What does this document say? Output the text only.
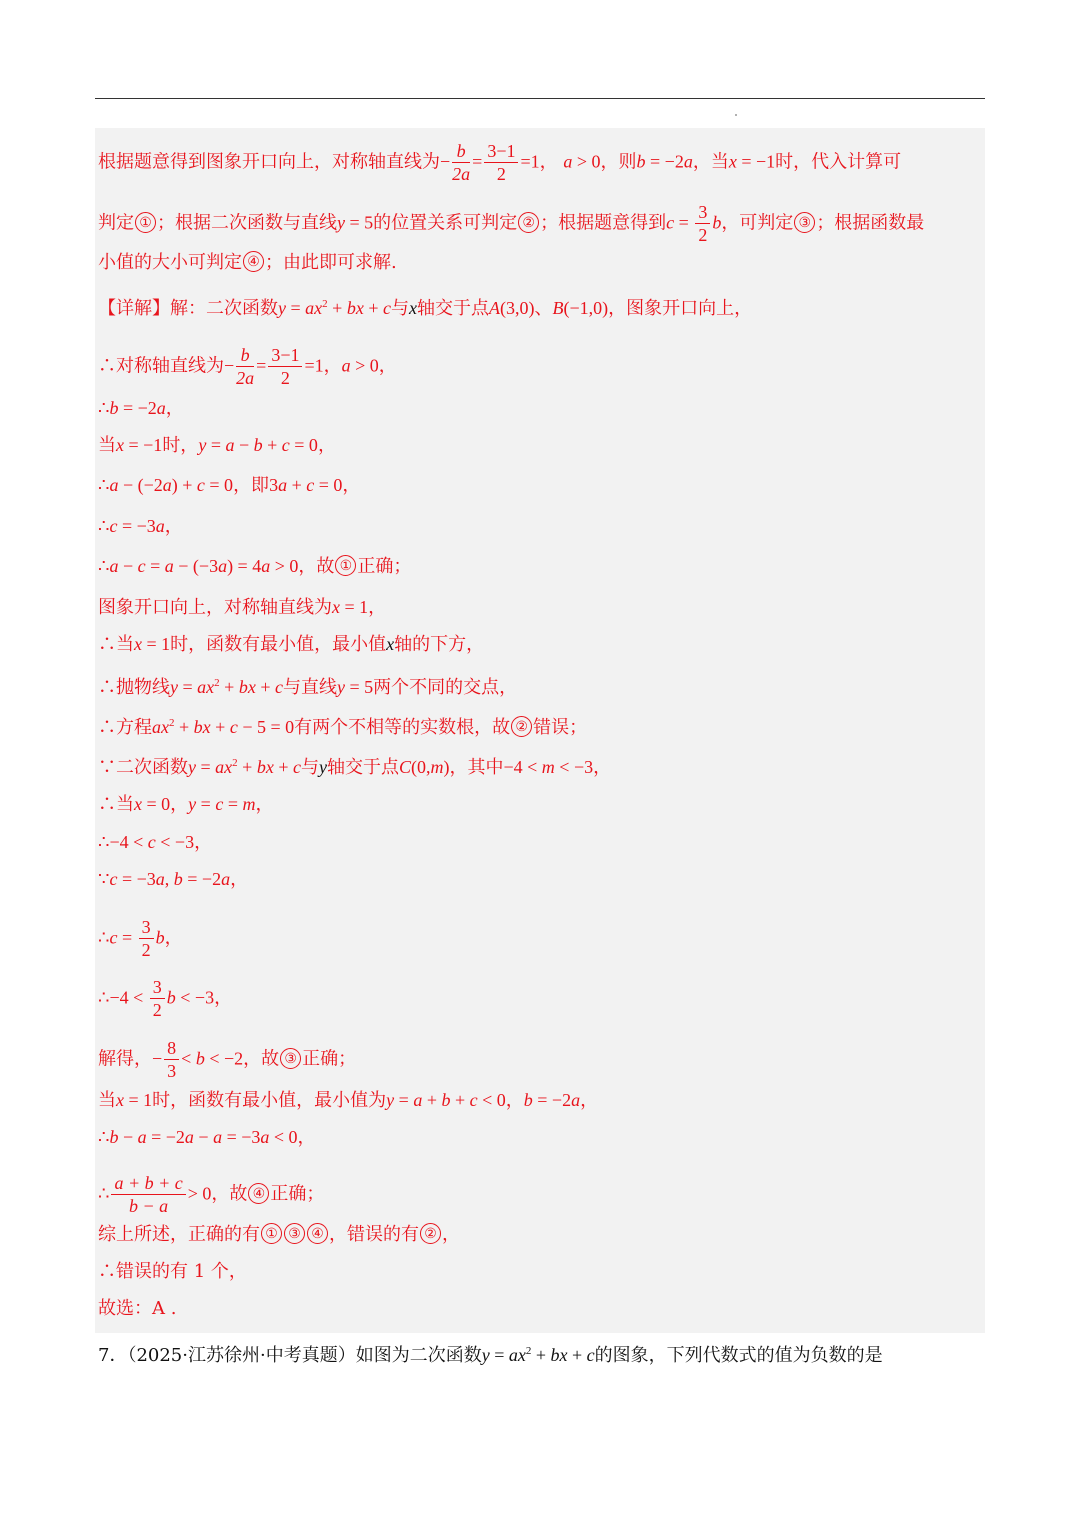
根据题意得到图象开口向上，对称轴直线为− $\frac{b}{2a} = \frac{3-1}{2} =1$， a > 0，则b = −2a，当x = −1时，代入计算可
判定 ① ；根据二次函数与直线y = 5的位置关系可判定 ② ；根据题意得到$c = \frac{3}{2}$ b，可判定 ③ ；根据函数最
小值的大小可判定 ④ ；由此即可求解.
【详解】解：二次函数$y = ax^2$ + bx + c与x轴交于点A(3,0)、B(−1,0)，图象开口向上，
∴对称轴直线为− $\frac{b}{2a} = \frac{3-1}{2} =1$，a > 0，
∴b = −2a，
当x = −1时，y = a − b + c = 0，
∴a − (−2a) + c = 0，即3a + c = 0，
∴c = −3a，
∴a − c = a − (−3a) = 4a > 0，故 ① 正确；
图象开口向上，对称轴直线为x = 1，
∴当x = 1时，函数有最小值，最小值x轴的下方，
∴抛物线$y = ax^2$ + bx + c与直线y = 5两个不同的交点，
∴方程$ax^2$ + bx + c − 5 = 0有两个不相等的实数根，故 ② 错误；
∵二次函数$y = ax^2$ + bx + c与y轴交于点C(0,m)，其中−4 < m < −3，
∴当x = 0，y = c = m，
∴−4 < c < −3，
∵c = −3a, b = −2a，
∴c = $\frac{3}{2}$ b，
∴−4 < $\frac{3}{2}$ b < −3，
解得，− $\frac{8}{3} < b < -2$，故 ③ 正确；
当x = 1时，函数有最小值，最小值为y = a + b + c < 0，b = −2a，
∴b − a = −2a − a = −3a < 0，
∴ $\frac{a + b + c}{b - a} > 0$，故 ④ 正确；
综上所述，正确的有 ① ③ ④ ，错误的有 ② ，
∴错误的有 1 个，
故选：A .
7．（2025·江苏徐州·中考真题）如图为二次函数$y = ax^2$ + bx + c的图象，下列代数式的值为负数的是
